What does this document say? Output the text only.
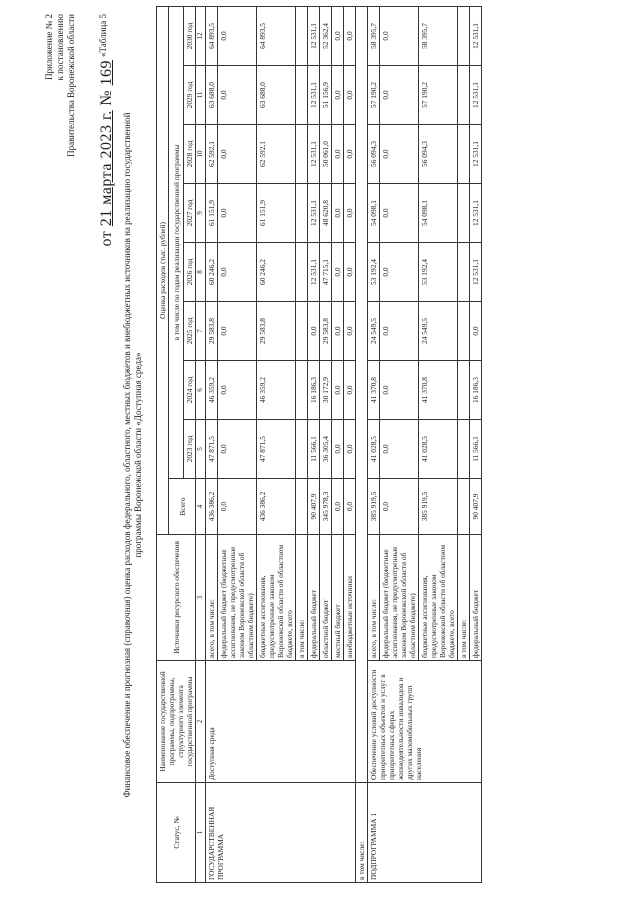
Приложение № 2 к постановлению Правительства Воронежской области
от 21 марта 2023 г. № 169
«Таблица 5
Финансовое обеспечение и прогнозная (справочная) оценка расходов федерального, областного, местных бюджетов и внебюджетных источников на реализацию государственной программы Воронежской области «Доступная среда»
Статус, №	Наименование государственной программы, подпрограммы, структурного элемента государственной программы	Источники ресурсного обеспечения	Оценка расходов (тыс. рублей)								
			Всего	в том числе по годам реализации государственной программы							
				2023 год	2024 год	2025 год	2026 год	2027 год	2028 год	2029 год	2030 год
1	2	3	4	5	6	7	8	9	10	11	12
ГОСУДАРСТВЕННАЯ ПРОГРАММА	Доступная среда	всего, в том числе:	436 386,2	47 871,5	46 359,2	29 583,8	60 246,2	61 151,9	62 592,1	63 688,0	64 893,5
		федеральный бюджет (бюджетные ассигнования, не предусмотренные законом Воронежской области об областном бюджете)	0,0	0,0	0,0	0,0	0,0	0,0	0,0	0,0	0,0
		бюджетные ассигнования, предусмотренные законом Воронежской области об областном бюджете, всего	436 386,2	47 871,5	46 359,2	29 583,8	60 246,2	61 151,9	62 592,1	63 688,0	64 893,5
		в том числе:									
		федеральный бюджет	90 407,9	11 566,1	16 186,3	0,0	12 531,1	12 531,1	12 531,1	12 531,1	12 531,1
		областной бюджет	345 978,3	36 305,4	30 172,9	29 583,8	47 715,1	48 620,8	50 061,0	51 156,9	52 362,4
		местный бюджет	0,0	0,0	0,0	0,0	0,0	0,0	0,0	0,0	0,0
		внебюджетные источники	0,0	0,0	0,0	0,0	0,0	0,0	0,0	0,0	0,0
в том числе:											
ПОДПРОГРАММА 1	Обеспечение условий доступности приоритетных объектов и услуг в приоритетных сферах жизнедеятельности инвалидов и других маломобильных групп населения	всего, в том числе:	385 919,5	41 028,5	41 370,8	24 549,5	53 192,4	54 098,1	56 094,3	57 190,2	58 395,7
		федеральный бюджет (бюджетные ассигнования, не предусмотренные законом Воронежской области об областном бюджете)	0,0	0,0	0,0	0,0	0,0	0,0	0,0	0,0	0,0
		бюджетные ассигнования, предусмотренные законом Воронежской области об областном бюджете, всего	385 919,5	41 028,5	41 370,8	24 549,5	53 192,4	54 098,1	56 094,3	57 190,2	58 395,7
		в том числе:									
		федеральный бюджет	90 407,9	11 566,1	16 186,3	0,0	12 531,1	12 531,1	12 531,1	12 531,1	12 531,1
